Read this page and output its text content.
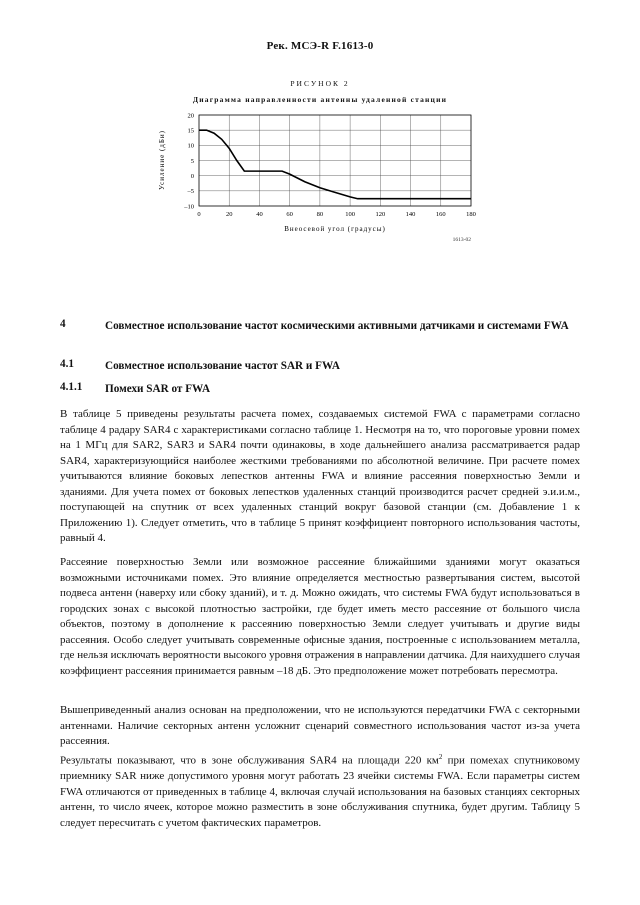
Рек. МСЭ-R F.1613-0
РИСУНОК 2
Диаграмма направленности антенны удаленной станции
20
15
10
5
0
–5
–10
0	20	40	60	80	100	120	140	160	180
Усиление (дБи)
Внеосевой угол (градусы)
1613-02
4	Совместное использование частот космическими активными датчиками и системами FWA
4.1	Совместное использование частот SAR и FWA
4.1.1 Помехи SAR от FWA

В таблице 5 приведены результаты расчета помех, создаваемых системой FWA с параметрами согласно таблице 4 радару SAR4 с характеристиками согласно таблице 1. Несмотря на то, что пороговые уровни помех на 1 МГц для SAR2, SAR3 и SAR4 почти одинаковы, в ходе дальнейшего анализа рассматривается радар SAR4, характеризующийся наиболее жесткими требованиями по абсолютной величине. При расчете помех учитываются влияние боковых лепестков антенны FWA и влияние рассеяния поверхностью Земли и зданиями. Для учета помех от боковых лепестков удаленных станций производится расчет средней э.и.и.м., поступающей на спутник от всех удаленных станций вокруг базовой станции (см. Добавление 1 к Приложению 1). Следует отметить, что в таблице 5 принят коэффициент повторного использования частоты, равный 4.

Рассеяние поверхностью Земли или возможное рассеяние ближайшими зданиями могут оказаться возможными источниками помех. Это влияние определяется местностью развертывания систем, высотой подвеса антенн (наверху или сбоку зданий), и т. д. Можно ожидать, что системы FWA будут использоваться в городских зонах с высокой плотностью застройки, где будет иметь место рассеяние от большого числа объектов, поэтому в дополнение к рассеянию поверхностью Земли следует учитывать и другие виды рассеяния. Особо следует учитывать современные офисные здания, построенные с использованием металла, где нельзя исключать вероятности высокого уровня отражения в направлении датчика. Для наихудшего случая коэффициент рассеяния принимается равным –18 дБ. Это предположение может потребовать пересмотра.

Вышеприведенный анализ основан на предположении, что не используются передатчики FWA с секторными антеннами. Наличие секторных антенн усложнит сценарий совместного использования частот из-за учета рассеяния.

Результаты показывают, что в зоне обслуживания SAR4 на площади 220 $км^2$ при помехах спутниковому приемнику SAR ниже допустимого уровня могут работать 23 ячейки системы FWA. Если параметры систем FWA отличаются от приведенных в таблице 4, включая случай использования на базовых станциях секторных антенн, то число ячеек, которое можно разместить в зоне обслуживания спутника, будет другим. Таблицу 5 следует пересчитать с учетом фактических параметров.
